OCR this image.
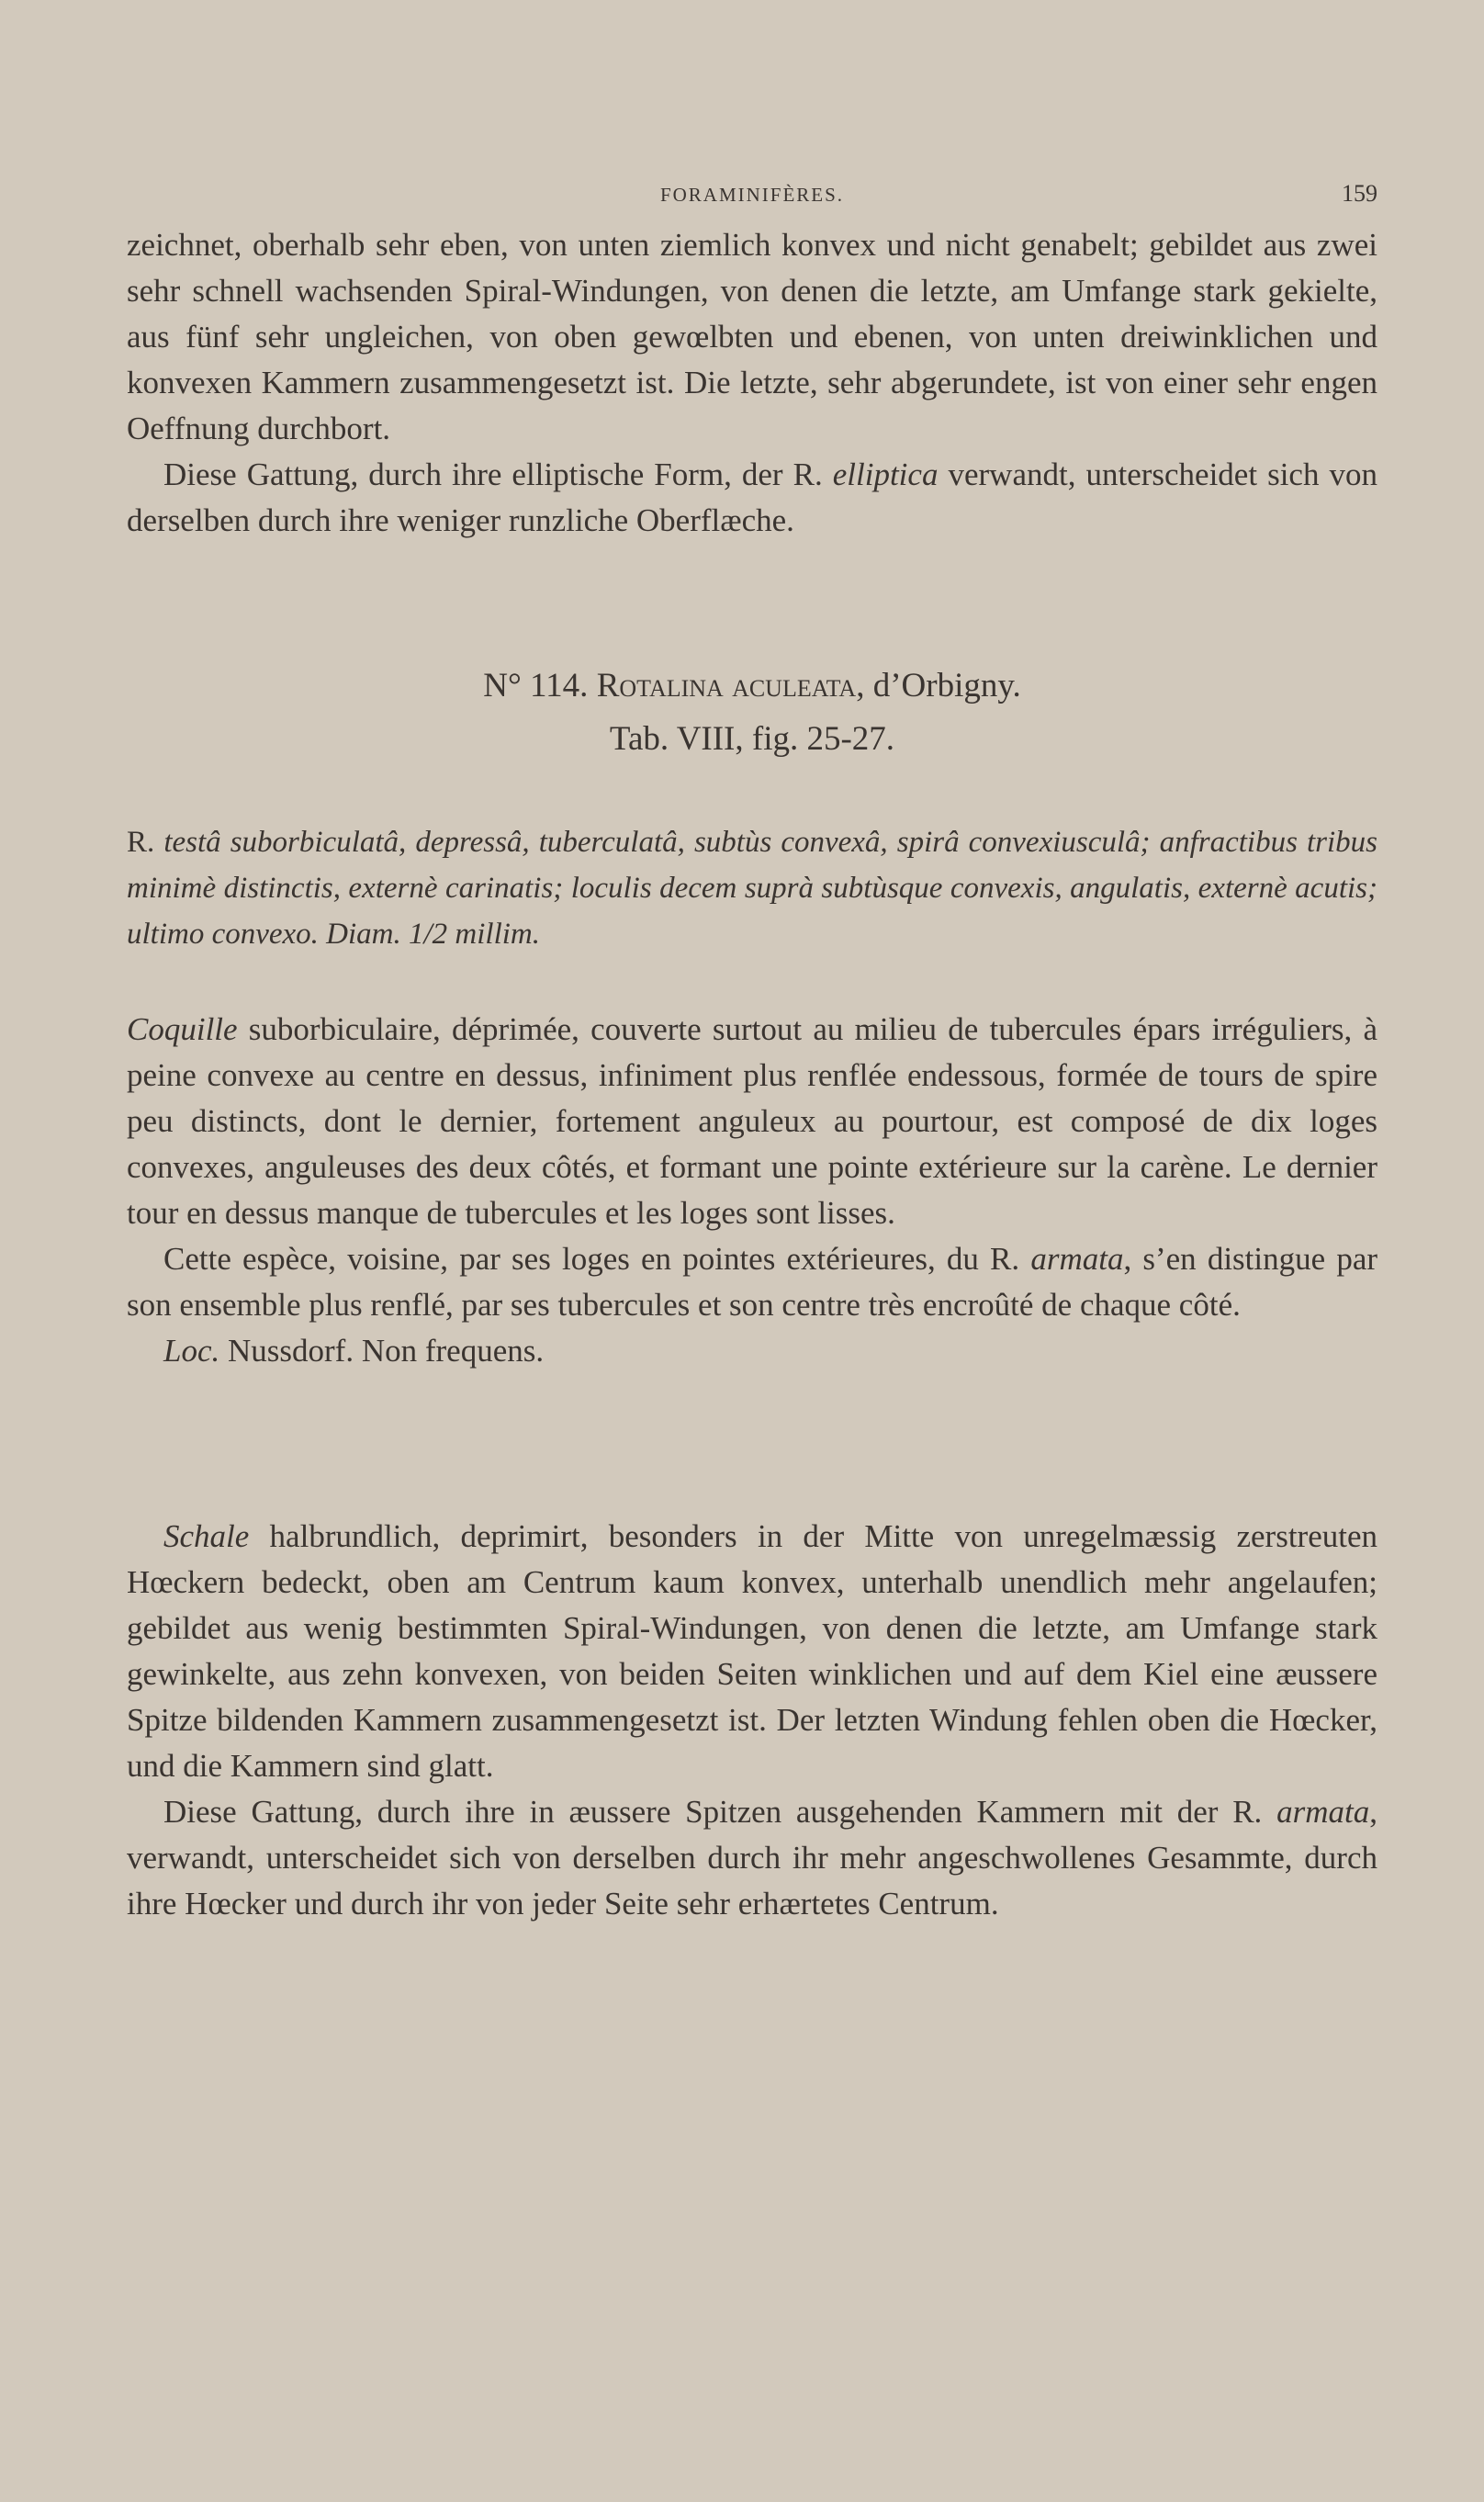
FORAMINIFÈRES.	159

zeichnet, oberhalb sehr eben, von unten ziemlich konvex und nicht genabelt; gebildet aus zwei sehr schnell wachsenden Spiral-Windungen, von denen die letzte, am Umfange stark gekielte, aus fünf sehr ungleichen, von oben gewœlbten und ebenen, von unten dreiwinklichen und konvexen Kammern zusammengesetzt ist. Die letzte, sehr abgerundete, ist von einer sehr engen Oeffnung durchbort.

Diese Gattung, durch ihre elliptische Form, der R. elliptica verwandt, unterscheidet sich von derselben durch ihre weniger runzliche Oberflæche.

N° 114. Rotalina aculeata, d’Orbigny.
Tab. VIII, fig. 25-27.

R. testâ suborbiculatâ, depressâ, tuberculatâ, subtùs convexâ, spirâ convexiusculâ; anfractibus tribus minimè distinctis, externè carinatis; loculis decem suprà subtùsque convexis, angulatis, externè acutis; ultimo convexo. Diam. 1/2 millim.

Coquille suborbiculaire, déprimée, couverte surtout au milieu de tubercules épars irréguliers, à peine convexe au centre en dessus, infiniment plus renflée endessous, formée de tours de spire peu distincts, dont le dernier, fortement anguleux au pourtour, est composé de dix loges convexes, anguleuses des deux côtés, et formant une pointe extérieure sur la carène. Le dernier tour en dessus manque de tubercules et les loges sont lisses.

Cette espèce, voisine, par ses loges en pointes extérieures, du R. armata, s’en distingue par son ensemble plus renflé, par ses tubercules et son centre très encroûté de chaque côté.

Loc. Nussdorf. Non frequens.

Schale halbrundlich, deprimirt, besonders in der Mitte von unregelmæssig zerstreuten Hœckern bedeckt, oben am Centrum kaum konvex, unterhalb unendlich mehr angelaufen; gebildet aus wenig bestimmten Spiral-Windungen, von denen die letzte, am Umfange stark gewinkelte, aus zehn konvexen, von beiden Seiten winklichen und auf dem Kiel eine æussere Spitze bildenden Kammern zusammengesetzt ist. Der letzten Windung fehlen oben die Hœcker, und die Kammern sind glatt.

Diese Gattung, durch ihre in æussere Spitzen ausgehenden Kammern mit der R. armata, verwandt, unterscheidet sich von derselben durch ihr mehr angeschwollenes Gesammte, durch ihre Hœcker und durch ihr von jeder Seite sehr erhærtetes Centrum.
